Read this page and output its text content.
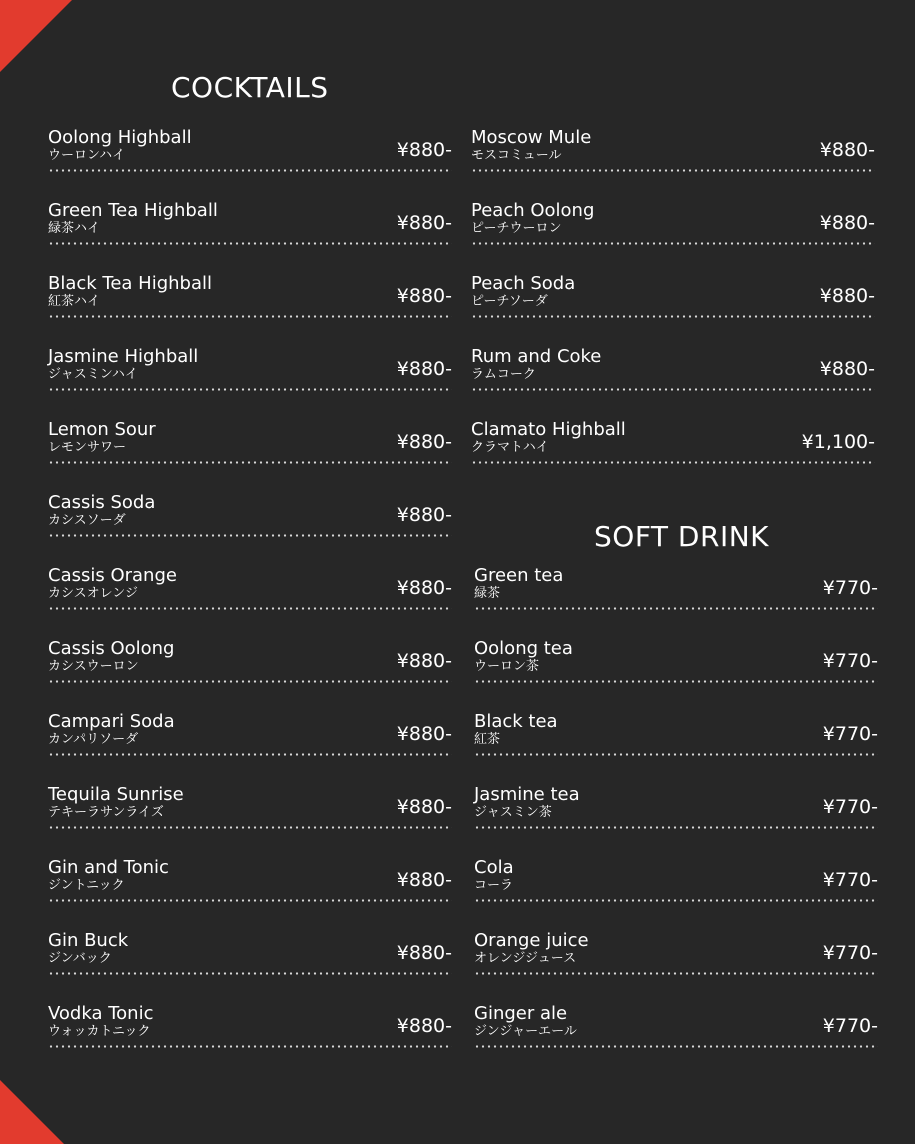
COCKTAILS
Oolong Highball
ウーロンハイ	¥880-
Green Tea Highball
緑茶ハイ	¥880-
Black Tea Highball
紅茶ハイ	¥880-
Jasmine Highball
ジャスミンハイ	¥880-
Lemon Sour
レモンサワー	¥880-
Cassis Soda
カシスソーダ	¥880-
Cassis Orange
カシスオレンジ	¥880-
Cassis Oolong
カシスウーロン	¥880-
Campari Soda
カンパリソーダ	¥880-
Tequila Sunrise
テキーラサンライズ	¥880-
Gin and Tonic
ジントニック	¥880-
Gin Buck
ジンバック	¥880-
Vodka Tonic
ウォッカトニック	¥880-
Moscow Mule
モスコミュール	¥880-
Peach Oolong
ピーチウーロン	¥880-
Peach Soda
ピーチソーダ	¥880-
Rum and Coke
ラムコーク	¥880-
Clamato Highball
クラマトハイ	¥1,100-
SOFT DRINK
Green tea
緑茶	¥770-
Oolong tea
ウーロン茶	¥770-
Black tea
紅茶	¥770-
Jasmine tea
ジャスミン茶	¥770-
Cola
コーラ	¥770-
Orange juice
オレンジジュース	¥770-
Ginger ale
ジンジャーエール	¥770-
